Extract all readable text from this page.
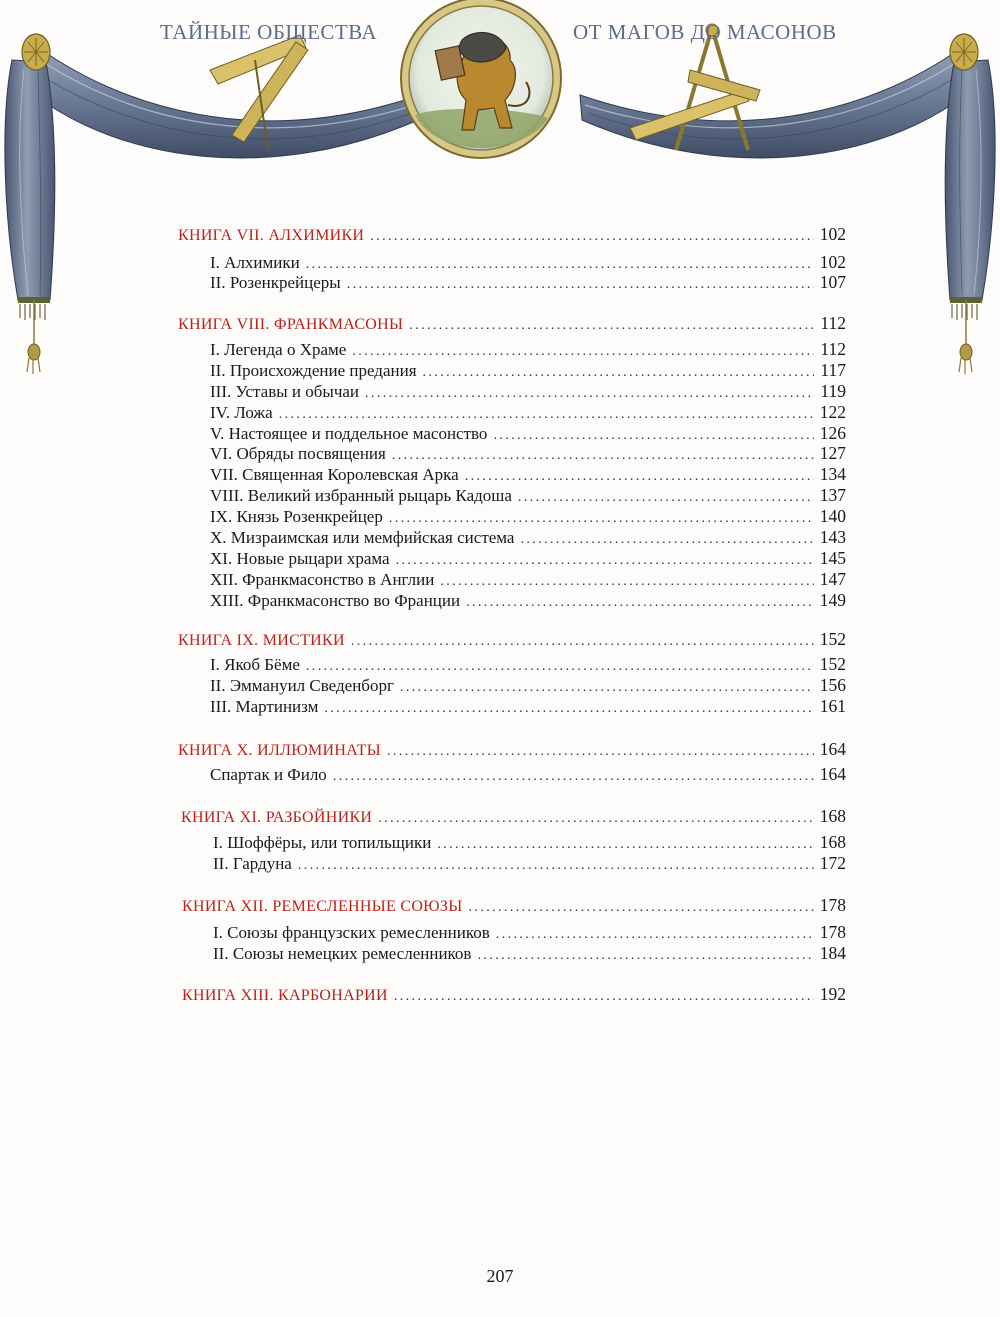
ТАЙНЫЕ ОБЩЕСТВА	ОТ МАГОВ ДО МАСОНОВ
КНИГА VII. АЛХИМИКИ .....	102
I. Алхимики .....	102
II. Розенкрейцеры .....	107
КНИГА VIII. ФРАНКМАСОНЫ .....	112
I. Легенда о Храме .....	112
II. Происхождение предания .....	117
III. Уставы и обычаи .....	119
IV. Ложа .....	122
V. Настоящее и поддельное масонство .....	126
VI. Обряды посвящения .....	127
VII. Священная Королевская Арка .....	134
VIII. Великий избранный рыцарь Кадоша .....	137
IX. Князь Розенкрейцер .....	140
X. Мизраимская или мемфийская система .....	143
XI. Новые рыцари храма .....	145
XII. Франкмасонство в Англии .....	147
XIII. Франкмасонство во Франции .....	149
КНИГА IX. МИСТИКИ .....	152
I. Якоб Бёме .....	152
II. Эммануил Сведенборг .....	156
III. Мартинизм .....	161
КНИГА X. ИЛЛЮМИНАТЫ .....	164
Спартак и Фило .....	164
КНИГА XI. РАЗБОЙНИКИ .....	168
I. Шоффёры, или топильщики .....	168
II. Гардуна .....	172
КНИГА XII. РЕМЕСЛЕННЫЕ СОЮЗЫ .....	178
I. Союзы французских ремесленников .....	178
II. Союзы немецких ремесленников .....	184
КНИГА XIII. КАРБОНАРИИ .....	192
207
